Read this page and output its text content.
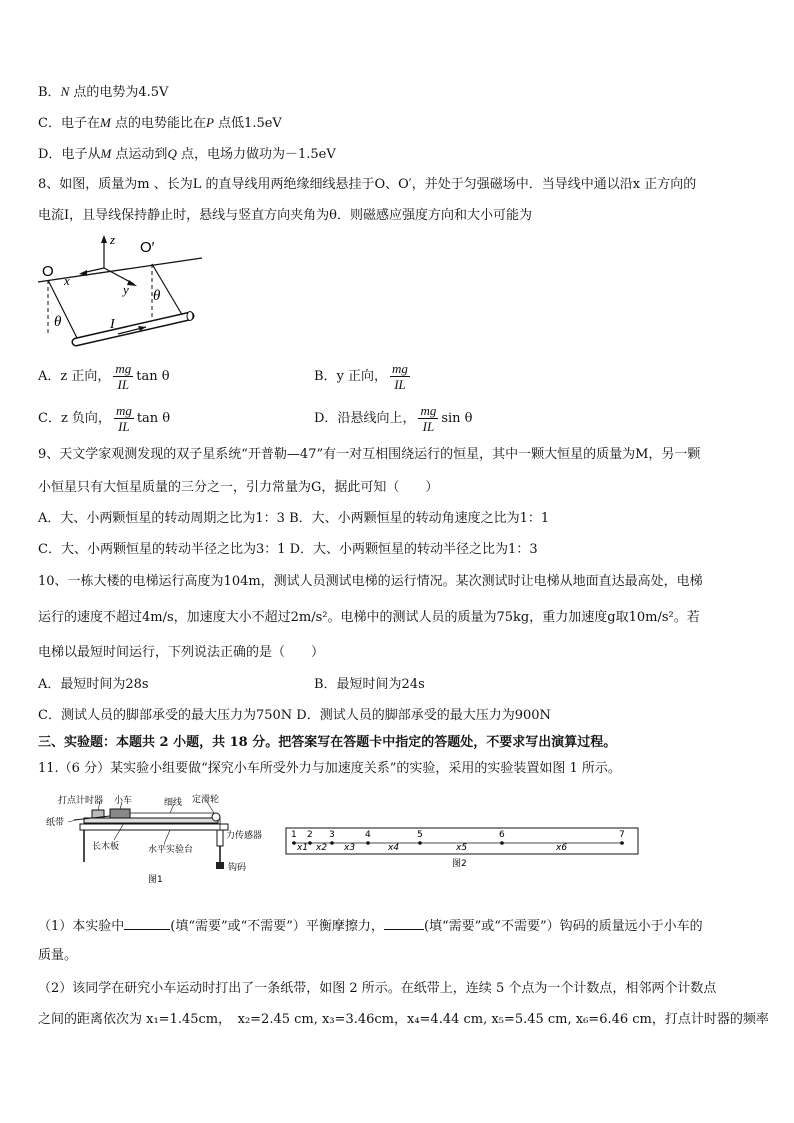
B．N 点的电势为4.5V
C．电子在M 点的电势能比在P 点低1.5eV
D．电子从M 点运动到Q 点，电场力做功为－1.5eV
8、如图，质量为m 、长为L 的直导线用两绝缘细线悬挂于O、O′，并处于匀强磁场中．当导线中通以沿x 正方向的
电流I，且导线保持静止时，悬线与竖直方向夹角为θ．则磁感应强度方向和大小可能为
O
O′
z
x
y
θ
θ
I
A．z 正向， $\frac{mg}{IL}$ tan θ	B．y 正向， $\frac{mg}{IL}$
C．z 负向， $\frac{mg}{IL}$ tan θ	D．沿悬线向上， $\frac{mg}{IL}$ sin θ
9、天文学家观测发现的双子星系统“开普勒—47”有一对互相围绕运行的恒星，其中一颗大恒星的质量为M，另一颗
小恒星只有大恒星质量的三分之一，引力常量为G，据此可知（　　）
A．大、小两颗恒星的转动周期之比为1：3 B．大、小两颗恒星的转动角速度之比为1：1
C．大、小两颗恒星的转动半径之比为3：1 D．大、小两颗恒星的转动半径之比为1：3
10、一栋大楼的电梯运行高度为104m，测试人员测试电梯的运行情况。某次测试时让电梯从地面直达最高处，电梯
运行的速度不超过4m/s，加速度大小不超过2m/s²。电梯中的测试人员的质量为75kg，重力加速度g取10m/s²。若
电梯以最短时间运行，下列说法正确的是（　　）
A．最短时间为28s	B．最短时间为24s
C．测试人员的脚部承受的最大压力为750N D．测试人员的脚部承受的最大压力为900N
三、实验题：本题共 2 小题，共 18 分。把答案写在答题卡中指定的答题处，不要求写出演算过程。
11.（6 分）某实验小组要做“探究小车所受外力与加速度关系”的实验，采用的实验装置如图 1 所示。
打点计时器 小车	细线 定滑轮
纸带
力传感器
长木板	水平实验台
钩码
图1
1 2 3	4	5	6	7
x1 x2 x3	x4	x5	x6
图2
（1）本实验中	(填“需要”或“不需要”）平衡摩擦力，	(填“需要”或“不需要”）钩码的质量远小于小车的
质量。
（2）该同学在研究小车运动时打出了一条纸带，如图 2 所示。在纸带上，连续 5 个点为一个计数点，相邻两个计数点
之间的距离依次为 x₁=1.45cm，　x₂=2.45 cm, x₃=3.46cm，x₄=4.44 cm, x₅=5.45 cm, x₆=6.46 cm，打点计时器的频率
